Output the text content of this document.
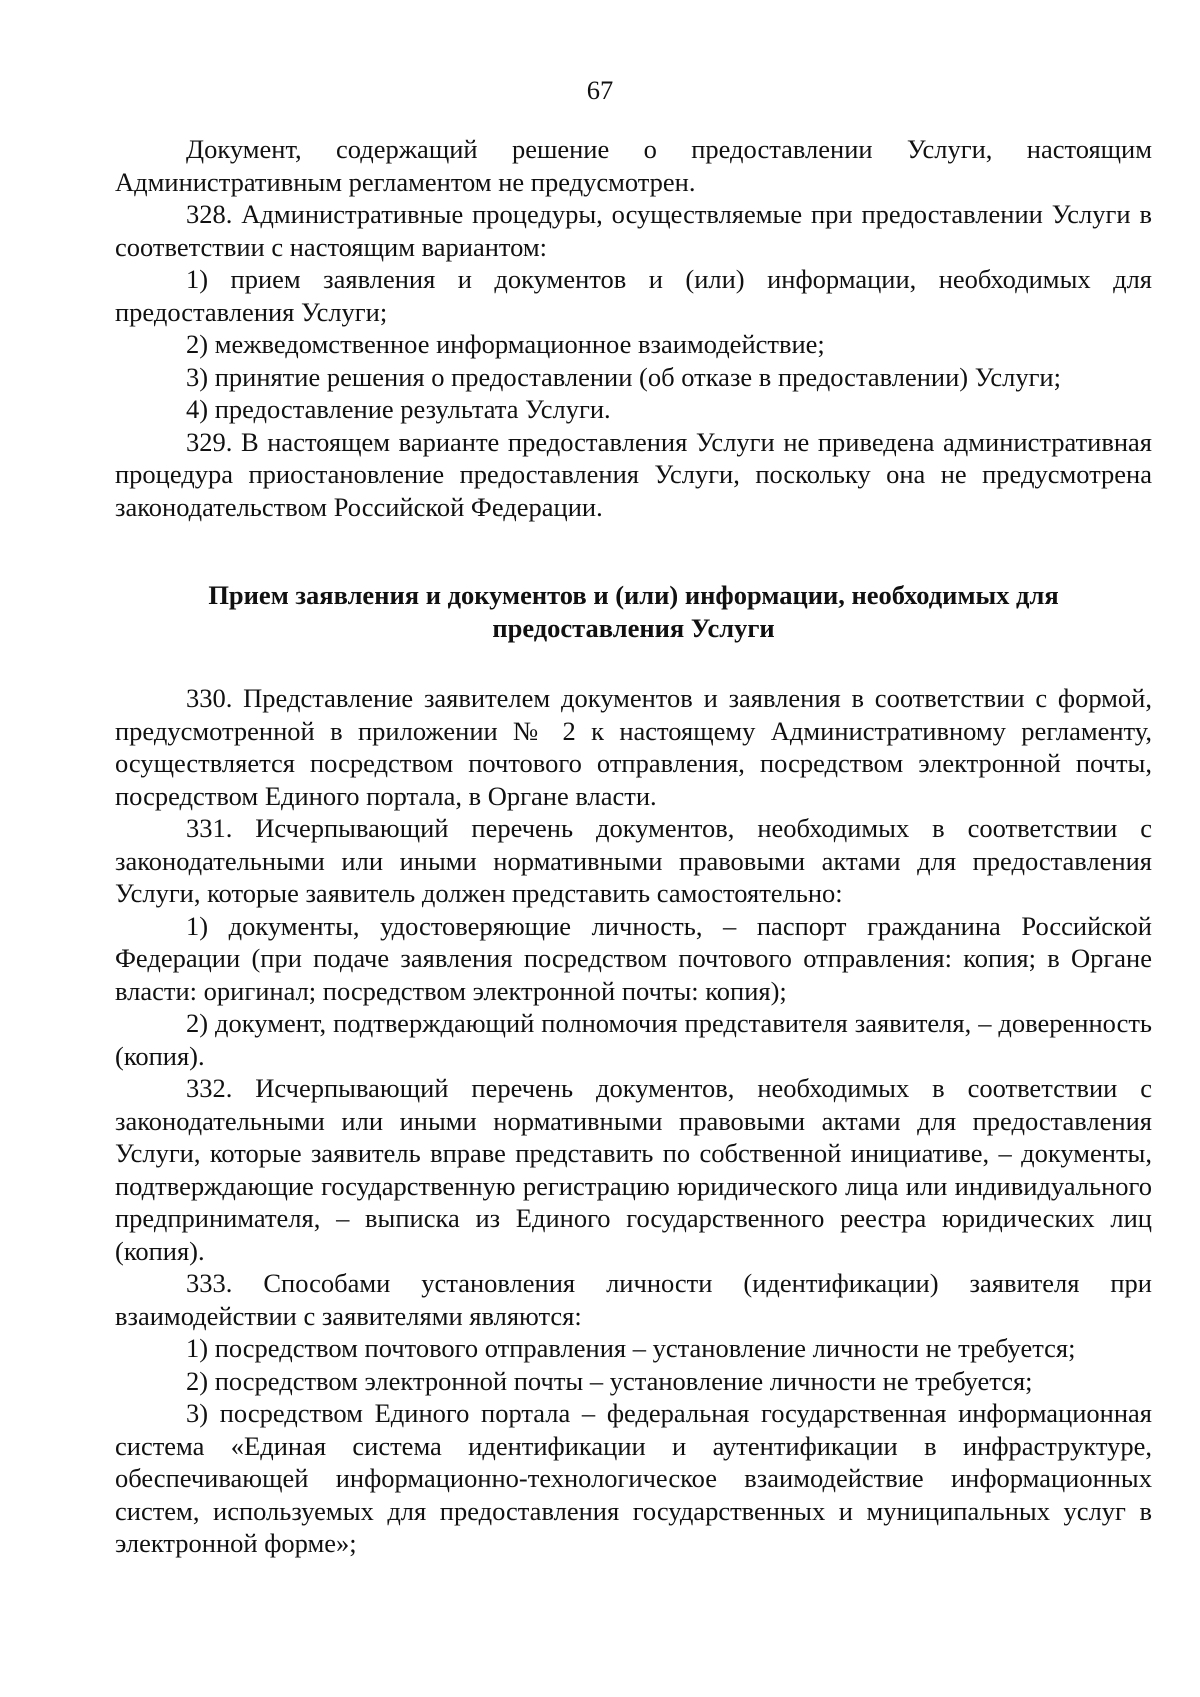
67

Документ, содержащий решение о предоставлении Услуги, настоящим Административным регламентом не предусмотрен.

328. Административные процедуры, осуществляемые при предоставлении Услуги в соответствии с настоящим вариантом:

1) прием заявления и документов и (или) информации, необходимых для предоставления Услуги;

2) межведомственное информационное взаимодействие;

3) принятие решения о предоставлении (об отказе в предоставлении) Услуги;

4) предоставление результата Услуги.

329. В настоящем варианте предоставления Услуги не приведена административная процедура приостановление предоставления Услуги, поскольку она не предусмотрена законодательством Российской Федерации.

Прием заявления и документов и (или) информации, необходимых для предоставления Услуги

330. Представление заявителем документов и заявления в соответствии с формой, предусмотренной в приложении № 2 к настоящему Административному регламенту, осуществляется посредством почтового отправления, посредством электронной почты, посредством Единого портала, в Органе власти.

331. Исчерпывающий перечень документов, необходимых в соответствии с законодательными или иными нормативными правовыми актами для предоставления Услуги, которые заявитель должен представить самостоятельно:

1) документы, удостоверяющие личность, – паспорт гражданина Российской Федерации (при подаче заявления посредством почтового отправления: копия; в Органе власти: оригинал; посредством электронной почты: копия);

2) документ, подтверждающий полномочия представителя заявителя, – доверенность (копия).

332. Исчерпывающий перечень документов, необходимых в соответствии с законодательными или иными нормативными правовыми актами для предоставления Услуги, которые заявитель вправе представить по собственной инициативе, – документы, подтверждающие государственную регистрацию юридического лица или индивидуального предпринимателя, – выписка из Единого государственного реестра юридических лиц (копия).

333. Способами установления личности (идентификации) заявителя при взаимодействии с заявителями являются:

1) посредством почтового отправления – установление личности не требуется;

2) посредством электронной почты – установление личности не требуется;

3) посредством Единого портала – федеральная государственная информационная система «Единая система идентификации и аутентификации в инфраструктуре, обеспечивающей информационно-технологическое взаимодействие информационных систем, используемых для предоставления государственных и муниципальных услуг в электронной форме»;
